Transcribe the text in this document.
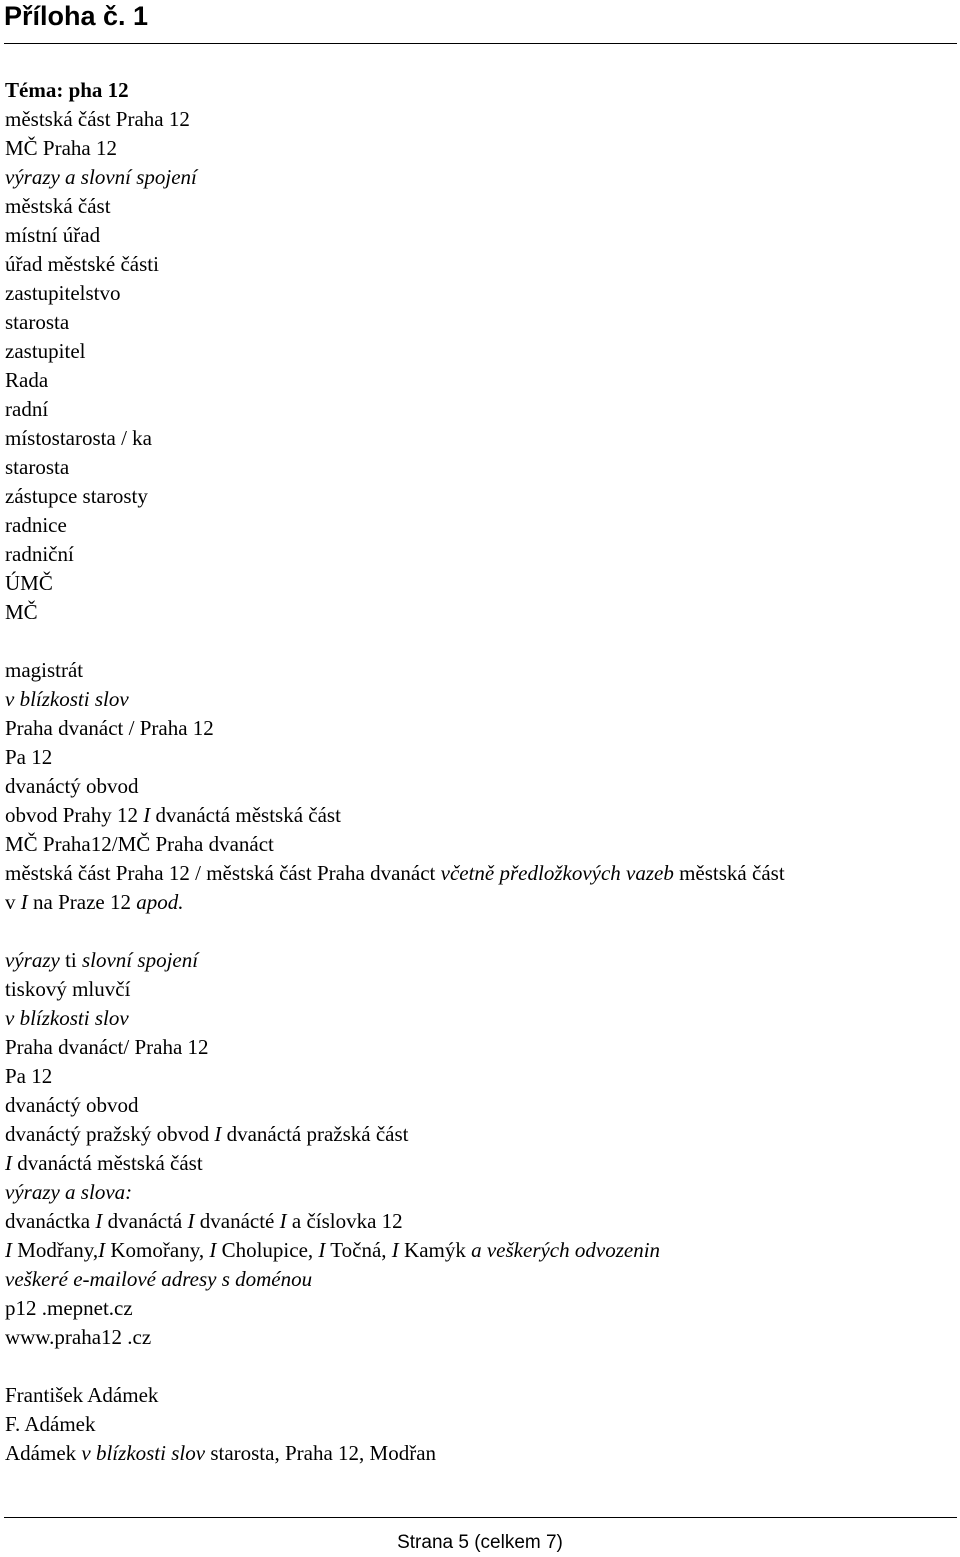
Příloha č. 1
Téma: pha 12
městská část Praha 12
MČ Praha 12
výrazy a slovní spojení
městská část
místní úřad
úřad městské části
zastupitelstvo
starosta
zastupitel
Rada
radní
místostarosta / ka
starosta
zástupce starosty
radnice
radniční
ÚMČ
MČ
magistrát
v blízkosti slov
Praha dvanáct / Praha 12
Pa 12
dvanáctý obvod
obvod Prahy 12 I dvanáctá městská část
MČ Praha12/MČ Praha dvanáct
městská část Praha 12 / městská část Praha dvanáct včetně předložkových vazeb městská část
v I na Praze 12 apod.
výrazy ti slovní spojení
tiskový mluvčí
v blízkosti slov
Praha dvanáct/ Praha 12
Pa 12
dvanáctý obvod
dvanáctý pražský obvod I dvanáctá pražská část
I dvanáctá městská část
výrazy a slova:
dvanáctka I dvanáctá I dvanácté I a číslovka 12
I Modřany,I Komořany, I Cholupice, I Točná, I Kamýk a veškerých odvozenin
veškeré e-mailové adresy s doménou
p12 .mepnet.cz
www.praha12 .cz
František Adámek
F. Adámek
Adámek v blízkosti slov starosta, Praha 12, Modřan
Strana 5 (celkem 7)
